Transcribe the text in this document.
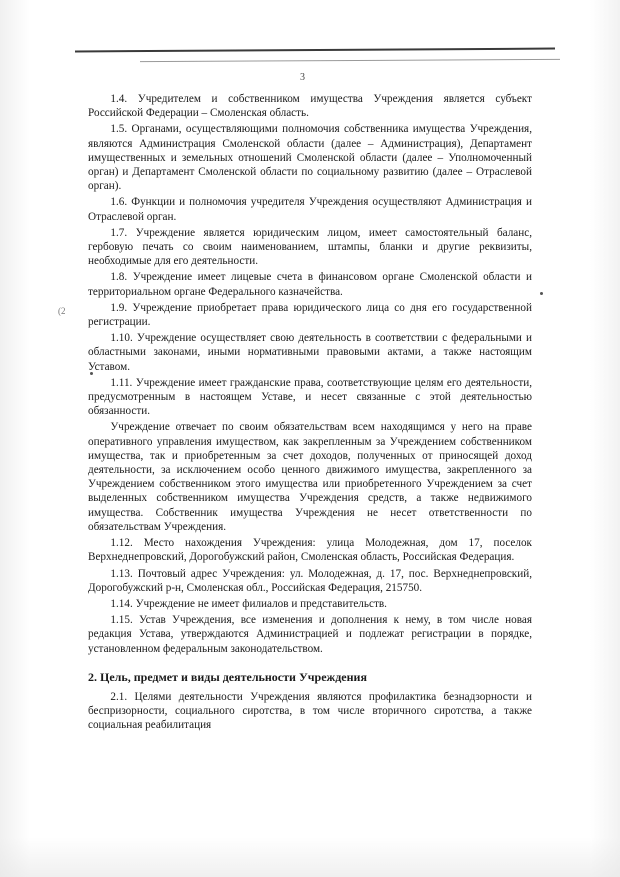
3
(2

1.4. Учредителем и собственником имущества Учреждения является субъект Российской Федерации – Смоленская область.

1.5. Органами, осуществляющими полномочия собственника имущества Учреждения, являются Администрация Смоленской области (далее – Администрация), Департамент имущественных и земельных отношений Смоленской области (далее – Уполномоченный орган) и Департамент Смоленской области по социальному развитию (далее – Отраслевой орган).

1.6. Функции и полномочия учредителя Учреждения осуществляют Администрация и Отраслевой орган.

1.7. Учреждение является юридическим лицом, имеет самостоятельный баланс, гербовую печать со своим наименованием, штампы, бланки и другие реквизиты, необходимые для его деятельности.

1.8. Учреждение имеет лицевые счета в финансовом органе Смоленской области и территориальном органе Федерального казначейства.

1.9. Учреждение приобретает права юридического лица со дня его государственной регистрации.

1.10. Учреждение осуществляет свою деятельность в соответствии с федеральными и областными законами, иными нормативными правовыми актами, а также настоящим Уставом.

1.11. Учреждение имеет гражданские права, соответствующие целям его деятельности, предусмотренным в настоящем Уставе, и несет связанные с этой деятельностью обязанности.

Учреждение отвечает по своим обязательствам всем находящимся у него на праве оперативного управления имуществом, как закрепленным за Учреждением собственником имущества, так и приобретенным за счет доходов, полученных от приносящей доход деятельности, за исключением особо ценного движимого имущества, закрепленного за Учреждением собственником этого имущества или приобретенного Учреждением за счет выделенных собственником имущества Учреждения средств, а также недвижимого имущества. Собственник имущества Учреждения не несет ответственности по обязательствам Учреждения.

1.12. Место нахождения Учреждения: улица Молодежная, дом 17, поселок Верхнеднепровский, Дорогобужский район, Смоленская область, Российская Федерация.

1.13. Почтовый адрес Учреждения: ул. Молодежная, д. 17, пос. Верхнеднепровский, Дорогобужский р-н, Смоленская обл., Российская Федерация, 215750.

1.14. Учреждение не имеет филиалов и представительств.

1.15. Устав Учреждения, все изменения и дополнения к нему, в том числе новая редакция Устава, утверждаются Администрацией и подлежат регистрации в порядке, установленном федеральным законодательством.

2. Цель, предмет и виды деятельности Учреждения

2.1. Целями деятельности Учреждения являются профилактика безнадзорности и беспризорности, социального сиротства, в том числе вторичного сиротства, а также социальная реабилитация
